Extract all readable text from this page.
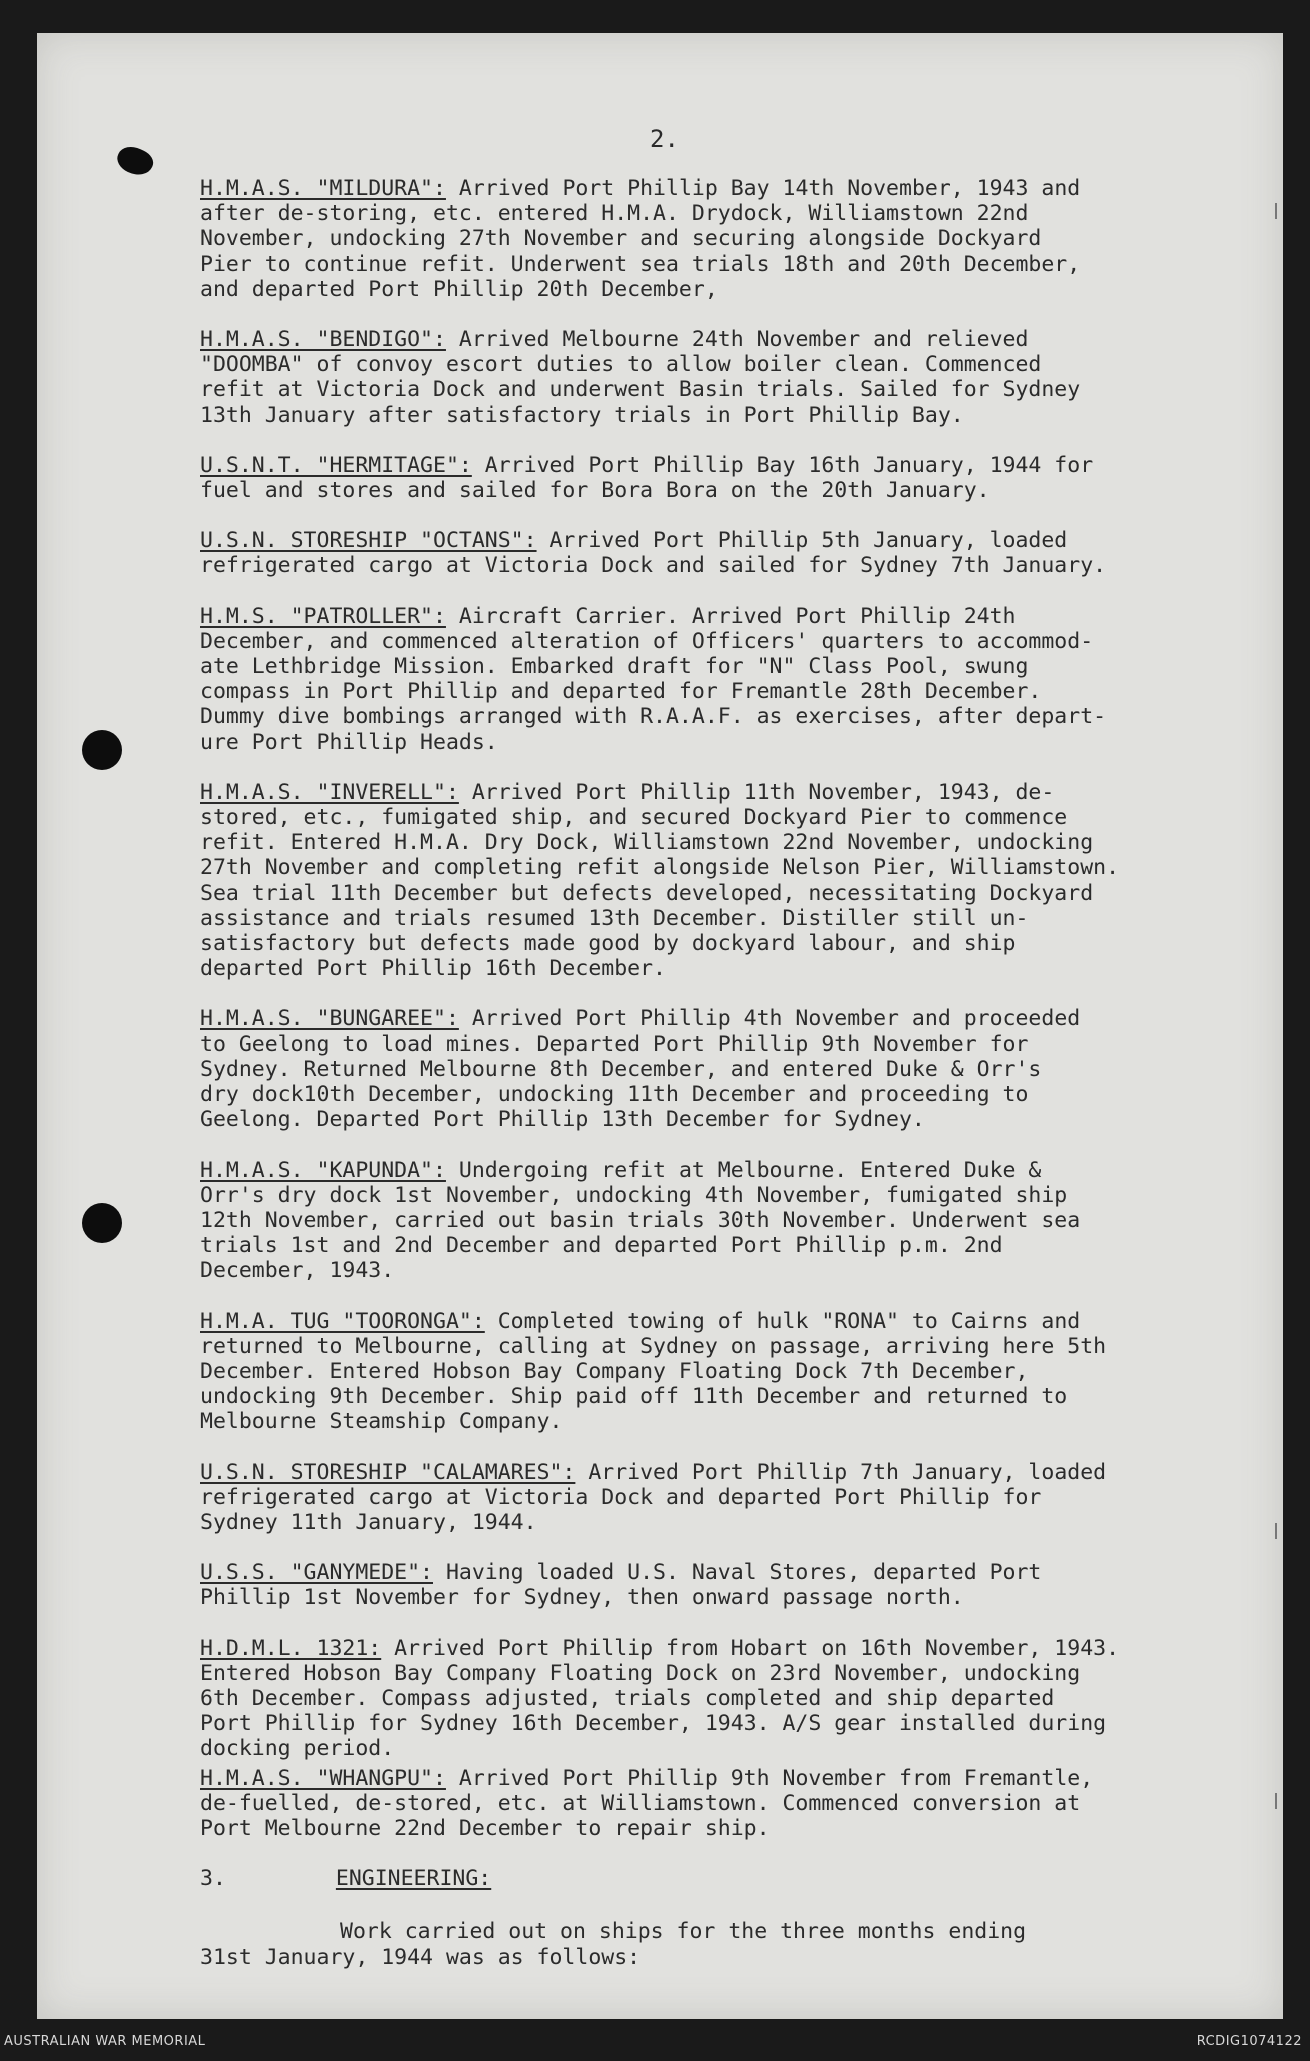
2.
H.M.A.S. "MILDURA": Arrived Port Phillip Bay 14th November, 1943 and
after de-storing, etc. entered H.M.A. Drydock, Williamstown 22nd
November, undocking 27th November and securing alongside Dockyard
Pier to continue refit. Underwent sea trials 18th and 20th December,
and departed Port Phillip 20th December,
H.M.A.S. "BENDIGO": Arrived Melbourne 24th November and relieved
"DOOMBA" of convoy escort duties to allow boiler clean. Commenced
refit at Victoria Dock and underwent Basin trials. Sailed for Sydney
13th January after satisfactory trials in Port Phillip Bay.
U.S.N.T. "HERMITAGE": Arrived Port Phillip Bay 16th January, 1944 for
fuel and stores and sailed for Bora Bora on the 20th January.
U.S.N. STORESHIP "OCTANS": Arrived Port Phillip 5th January, loaded
refrigerated cargo at Victoria Dock and sailed for Sydney 7th January.
H.M.S. "PATROLLER": Aircraft Carrier. Arrived Port Phillip 24th
December, and commenced alteration of Officers' quarters to accommod-
ate Lethbridge Mission. Embarked draft for "N" Class Pool, swung
compass in Port Phillip and departed for Fremantle 28th December.
Dummy dive bombings arranged with R.A.A.F. as exercises, after depart-
ure Port Phillip Heads.
H.M.A.S. "INVERELL": Arrived Port Phillip 11th November, 1943, de-
stored, etc., fumigated ship, and secured Dockyard Pier to commence
refit. Entered H.M.A. Dry Dock, Williamstown 22nd November, undocking
27th November and completing refit alongside Nelson Pier, Williamstown.
Sea trial 11th December but defects developed, necessitating Dockyard
assistance and trials resumed 13th December. Distiller still un-
satisfactory but defects made good by dockyard labour, and ship
departed Port Phillip 16th December.
H.M.A.S. "BUNGAREE": Arrived Port Phillip 4th November and proceeded
to Geelong to load mines. Departed Port Phillip 9th November for
Sydney. Returned Melbourne 8th December, and entered Duke & Orr's
dry dock10th December, undocking 11th December and proceeding to
Geelong. Departed Port Phillip 13th December for Sydney.
H.M.A.S. "KAPUNDA": Undergoing refit at Melbourne. Entered Duke &
Orr's dry dock 1st November, undocking 4th November, fumigated ship
12th November, carried out basin trials 30th November. Underwent sea
trials 1st and 2nd December and departed Port Phillip p.m. 2nd
December, 1943.
H.M.A. TUG "TOORONGA": Completed towing of hulk "RONA" to Cairns and
returned to Melbourne, calling at Sydney on passage, arriving here 5th
December. Entered Hobson Bay Company Floating Dock 7th December,
undocking 9th December. Ship paid off 11th December and returned to
Melbourne Steamship Company.
U.S.N. STORESHIP "CALAMARES": Arrived Port Phillip 7th January, loaded
refrigerated cargo at Victoria Dock and departed Port Phillip for
Sydney 11th January, 1944.
U.S.S. "GANYMEDE": Having loaded U.S. Naval Stores, departed Port
Phillip 1st November for Sydney, then onward passage north.
H.D.M.L. 1321: Arrived Port Phillip from Hobart on 16th November, 1943.
Entered Hobson Bay Company Floating Dock on 23rd November, undocking
6th December. Compass adjusted, trials completed and ship departed
Port Phillip for Sydney 16th December, 1943. A/S gear installed during
docking period.
H.M.A.S. "WHANGPU": Arrived Port Phillip 9th November from Fremantle,
de-fuelled, de-stored, etc. at Williamstown. Commenced conversion at
Port Melbourne 22nd December to repair ship.
3.	ENGINEERING:
Work carried out on ships for the three months ending
31st January, 1944 was as follows:
AUSTRALIAN WAR MEMORIAL	RCDIG1074122
